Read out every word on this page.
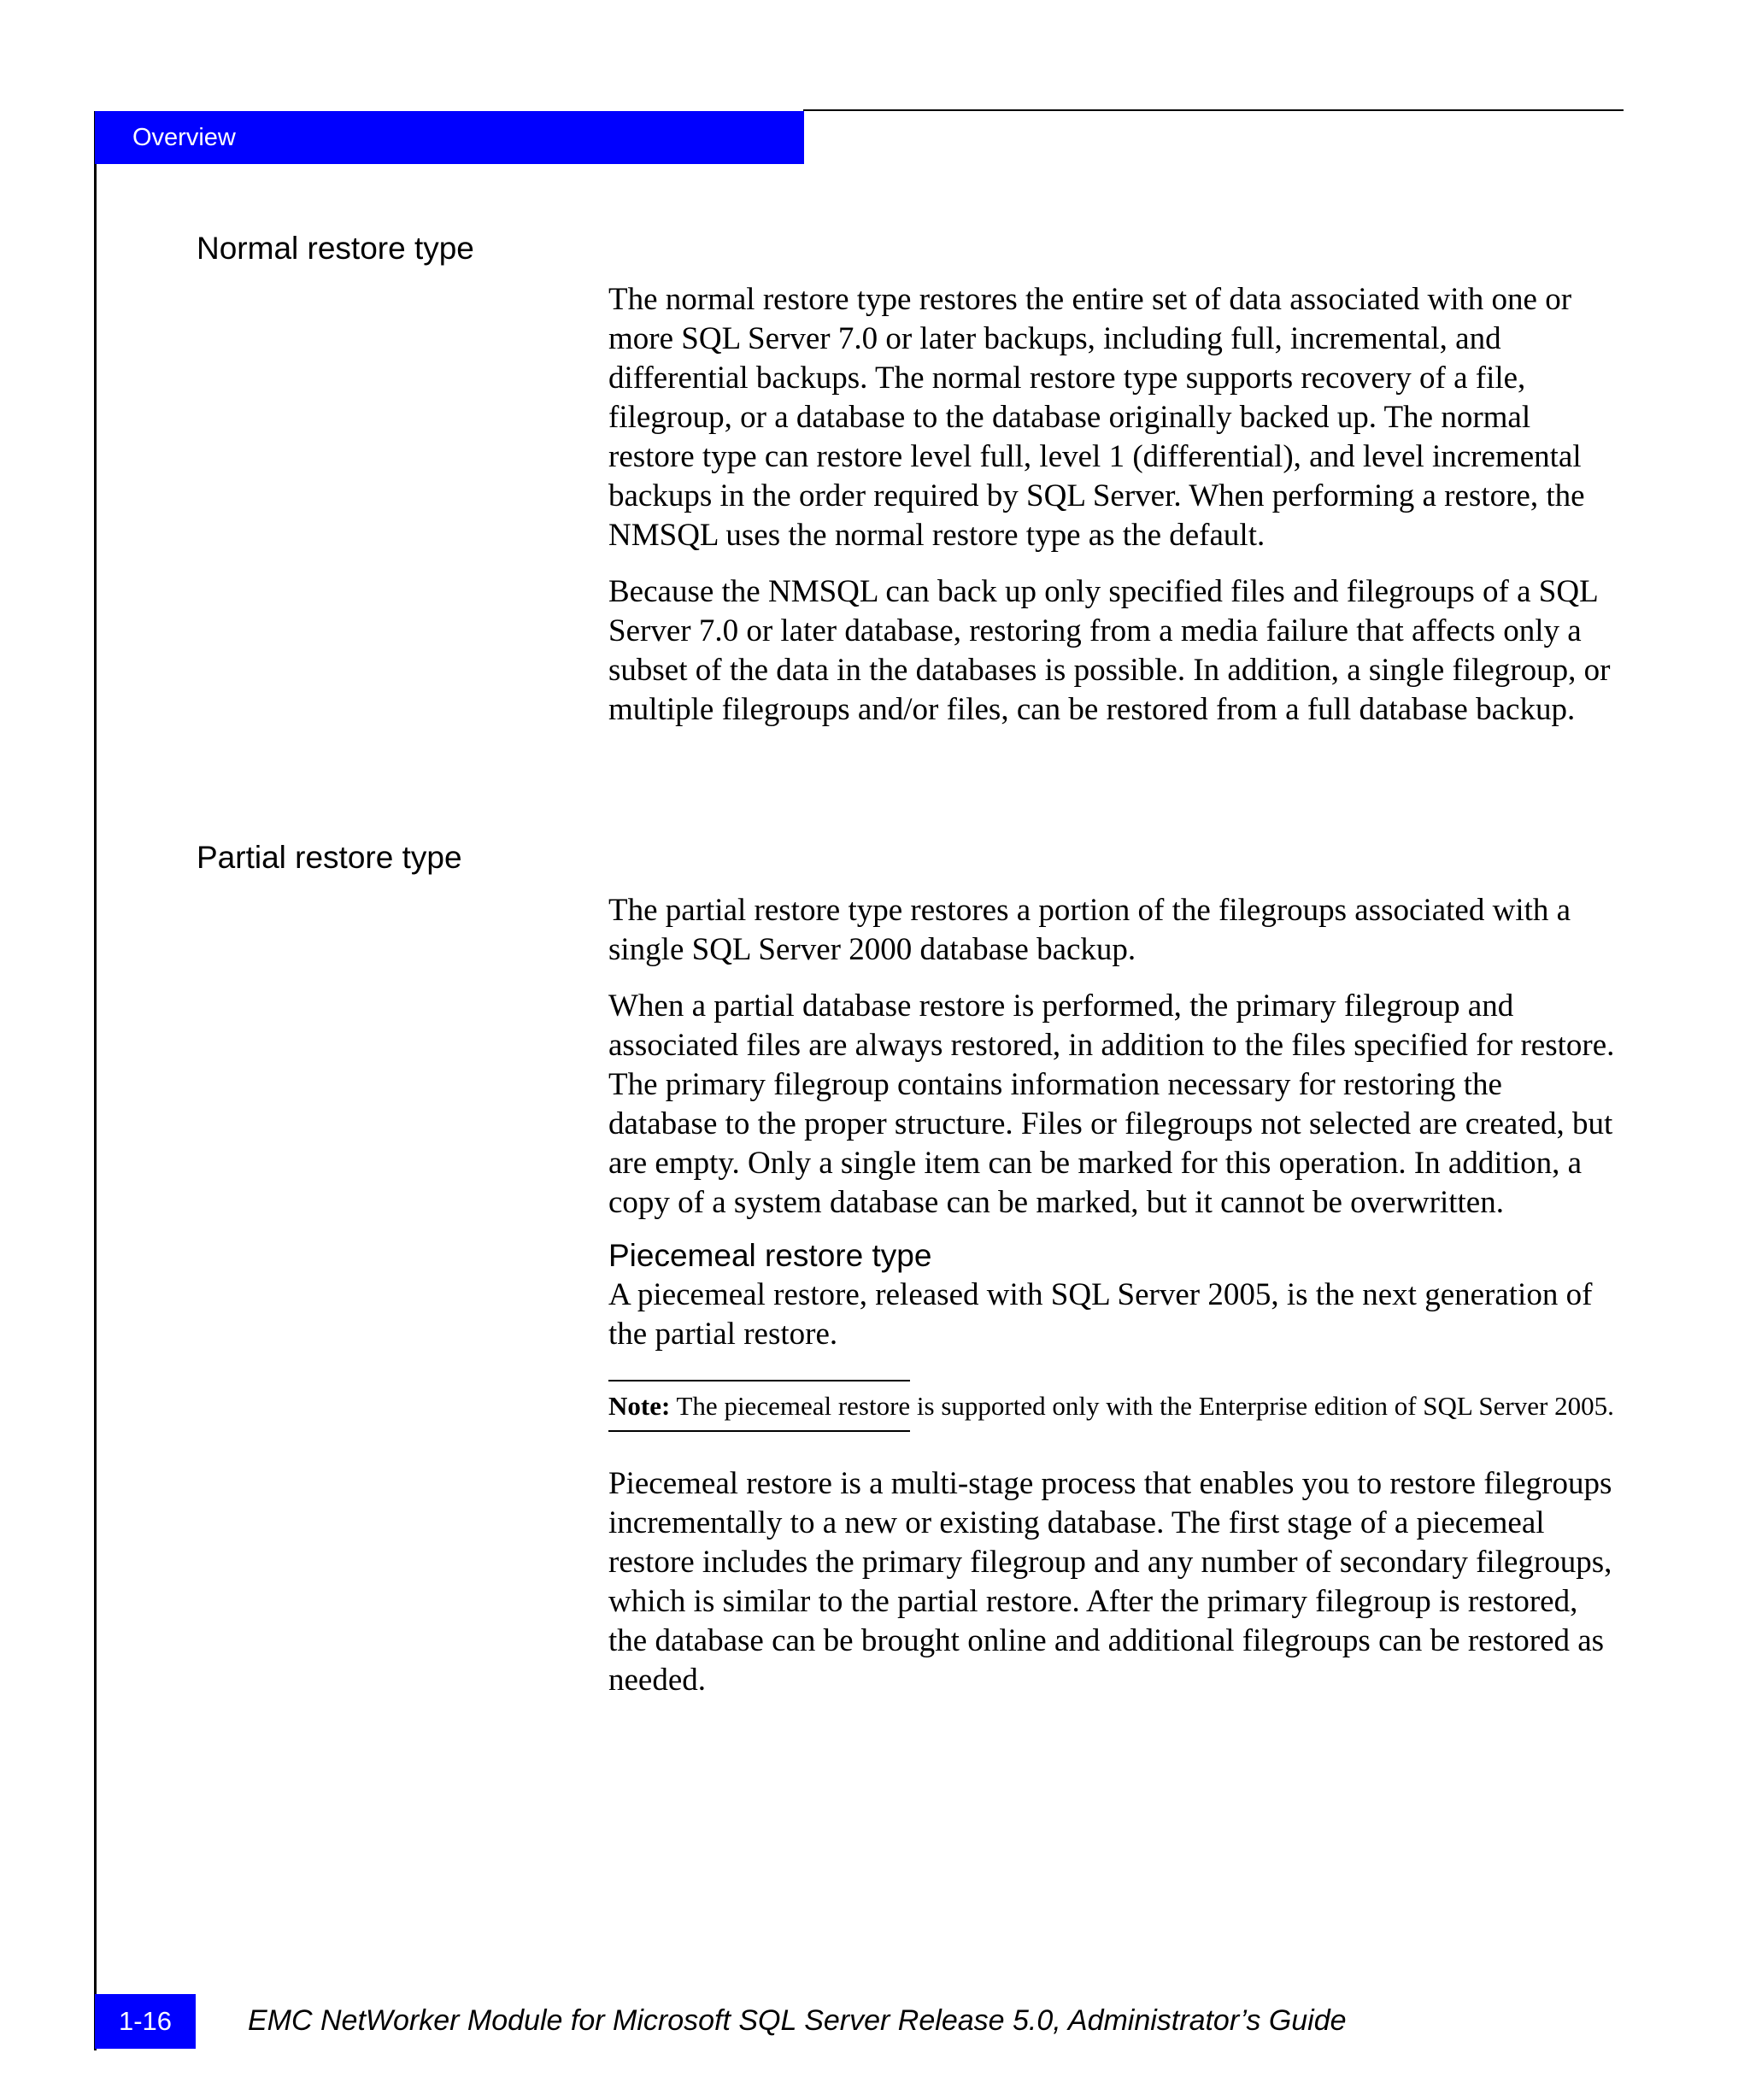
Overview
Normal restore type

The normal restore type restores the entire set of data associated with one or more SQL Server 7.0 or later backups, including full, incremental, and differential backups. The normal restore type supports recovery of a file, filegroup, or a database to the database originally backed up. The normal restore type can restore level full, level 1 (differential), and level incremental backups in the order required by SQL Server. When performing a restore, the NMSQL uses the normal restore type as the default.

Because the NMSQL can back up only specified files and filegroups of a SQL Server 7.0 or later database, restoring from a media failure that affects only a subset of the data in the databases is possible. In addition, a single filegroup, or multiple filegroups and/or files, can be restored from a full database backup.

Partial restore type

The partial restore type restores a portion of the filegroups associated with a single SQL Server 2000 database backup.

When a partial database restore is performed, the primary filegroup and associated files are always restored, in addition to the files specified for restore. The primary filegroup contains information necessary for restoring the database to the proper structure. Files or filegroups not selected are created, but are empty. Only a single item can be marked for this operation. In addition, a copy of a system database can be marked, but it cannot be overwritten.

Piecemeal restore type

A piecemeal restore, released with SQL Server 2005, is the next generation of the partial restore.

Note: The piecemeal restore is supported only with the Enterprise edition of SQL Server 2005.

Piecemeal restore is a multi-stage process that enables you to restore filegroups incrementally to a new or existing database. The first stage of a piecemeal restore includes the primary filegroup and any number of secondary filegroups, which is similar to the partial restore. After the primary filegroup is restored, the database can be brought online and additional filegroups can be restored as needed.

1-16	EMC NetWorker Module for Microsoft SQL Server Release 5.0, Administrator’s Guide
